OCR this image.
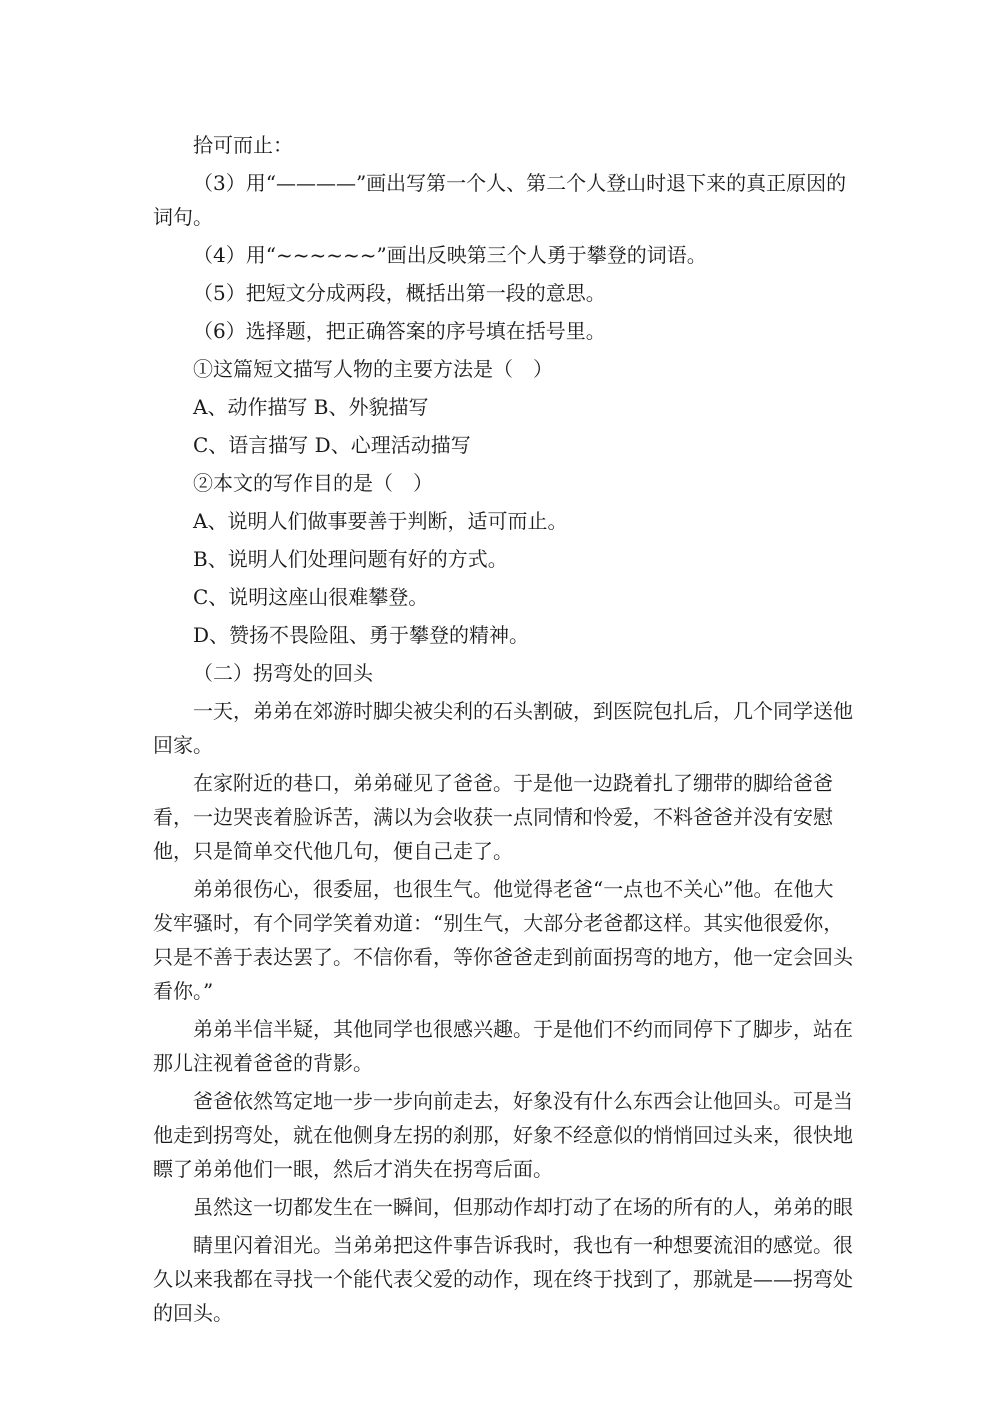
拾可而止：

（3）用“————”画出写第一个人、第二个人登山时退下来的真正原因的词句。

（4）用“~~~~~~”画出反映第三个人勇于攀登的词语。

（5）把短文分成两段，概括出第一段的意思。

（6）选择题，把正确答案的序号填在括号里。

①这篇短文描写人物的主要方法是（　）

A、动作描写 B、外貌描写

C、语言描写 D、心理活动描写

②本文的写作目的是（　）

A、说明人们做事要善于判断，适可而止。

B、说明人们处理问题有好的方式。

C、说明这座山很难攀登。

D、赞扬不畏险阻、勇于攀登的精神。

（二）拐弯处的回头

一天，弟弟在郊游时脚尖被尖利的石头割破，到医院包扎后，几个同学送他回家。

在家附近的巷口，弟弟碰见了爸爸。于是他一边跷着扎了绷带的脚给爸爸看，一边哭丧着脸诉苦，满以为会收获一点同情和怜爱，不料爸爸并没有安慰他，只是简单交代他几句，便自己走了。

弟弟很伤心，很委屈，也很生气。他觉得老爸“一点也不关心”他。在他大发牢骚时，有个同学笑着劝道：“别生气，大部分老爸都这样。其实他很爱你，只是不善于表达罢了。不信你看，等你爸爸走到前面拐弯的地方，他一定会回头看你。”

弟弟半信半疑，其他同学也很感兴趣。于是他们不约而同停下了脚步，站在那儿注视着爸爸的背影。

爸爸依然笃定地一步一步向前走去，好象没有什么东西会让他回头。可是当他走到拐弯处，就在他侧身左拐的刹那，好象不经意似的悄悄回过头来，很快地瞟了弟弟他们一眼，然后才消失在拐弯后面。

虽然这一切都发生在一瞬间，但那动作却打动了在场的所有的人，弟弟的眼

睛里闪着泪光。当弟弟把这件事告诉我时，我也有一种想要流泪的感觉。很久以来我都在寻找一个能代表父爱的动作，现在终于找到了，那就是——拐弯处的回头。
